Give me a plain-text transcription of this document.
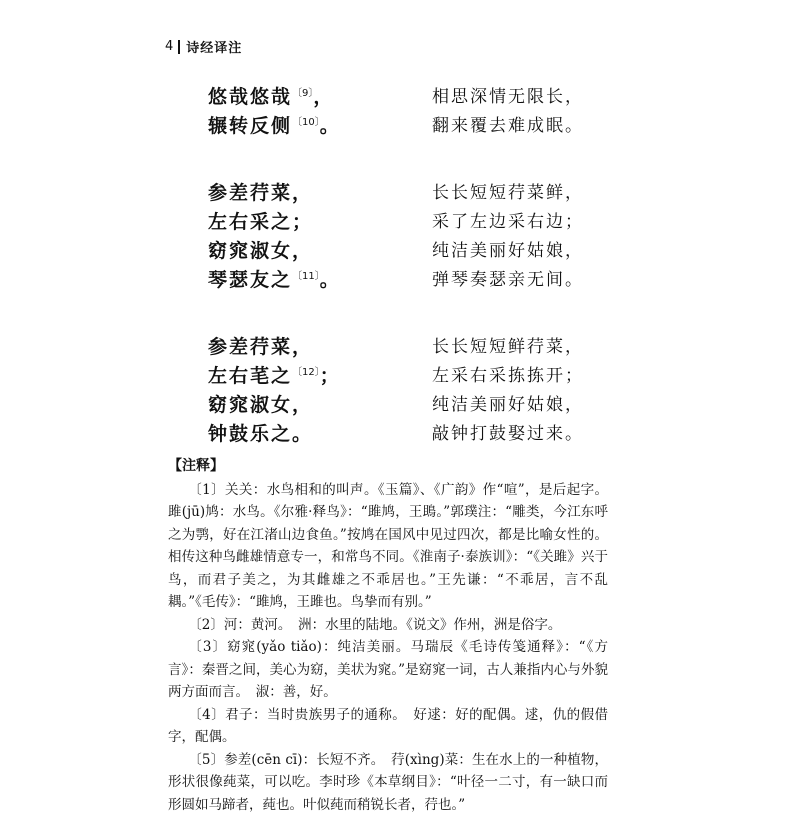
4 诗经译注
悠哉悠哉$^{〔9〕}$，	相思深情无限长，
辗转反侧$^{〔10〕}$。	翻来覆去难成眠。
参差荇菜，	长长短短荇菜鲜，
左右采之；	采了左边采右边；
窈窕淑女，	纯洁美丽好姑娘，
琴瑟友之$^{〔11〕}$。	弹琴奏瑟亲无间。
参差荇菜，	长长短短鲜荇菜，
左右芼之$^{〔12〕}$；	左采右采拣拣开；
窈窕淑女，	纯洁美丽好姑娘，
钟鼓乐之。	敲钟打鼓娶过来。
【注释】

〔1〕关关：水鸟相和的叫声。《玉篇》、《广韵》作“喧”，是后起字。雎(jū)鸠：水鸟。《尔雅·释鸟》：“雎鸠，王鴡。”郭璞注：“雕类，今江东呼之为鹗，好在江渚山边食鱼。”按鸠在国风中见过四次，都是比喻女性的。相传这种鸟雌雄情意专一，和常鸟不同。《淮南子·泰族训》：“《关雎》兴于鸟，而君子美之，为其雌雄之不乖居也。”王先谦：“不乖居，言不乱耦。”《毛传》：“雎鸠，王雎也。鸟挚而有别。”

〔2〕河：黄河。　洲：水里的陆地。《说文》作州，洲是俗字。

〔3〕窈窕(yǎo tiǎo)：纯洁美丽。马瑞辰《毛诗传笺通释》：“《方言》：秦晋之间，美心为窈，美状为窕。”是窈窕一词，古人兼指内心与外貌两方面而言。　淑：善，好。

〔4〕君子：当时贵族男子的通称。　好逑：好的配偶。逑，仇的假借字，配偶。

〔5〕参差(cēn cī)：长短不齐。　荇(xìng)菜：生在水上的一种植物，形状很像莼菜，可以吃。李时珍《本草纲目》：“叶径一二寸，有一缺口而形圆如马蹄者，莼也。叶似莼而稍锐长者，荇也。”
